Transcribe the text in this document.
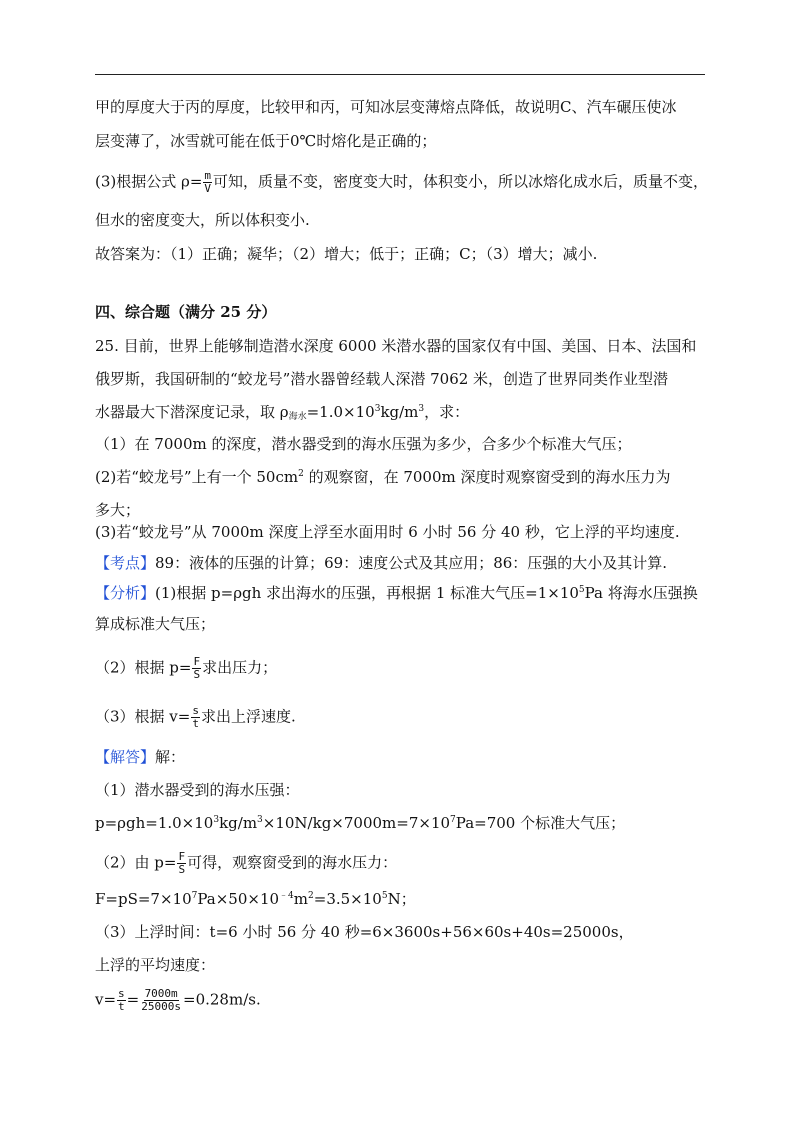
甲的厚度大于丙的厚度，比较甲和丙，可知冰层变薄熔点降低，故说明C、汽车碾压使冰
层变薄了，冰雪就可能在低于0℃时熔化是正确的；
(3)根据公式 $\rho= \frac{m}{V}$ 可知，质量不变，密度变大时，体积变小，所以冰熔化成水后，质量不变，
但水的密度变大，所以体积变小.
故答案为：（1）正确；凝华；（2）增大；低于；正确；C；（3）增大；减小.
四、综合题（满分 25 分）
25. 目前，世界上能够制造潜水深度 6000 米潜水器的国家仅有中国、美国、日本、法国和
俄罗斯，我国研制的“蛟龙号”潜水器曾经载人深潜 7062 米，创造了世界同类作业型潜
水器最大下潜深度记录，取 $\rho_{海水}=1.0\times 10^3kg/m^3$，求：
（1）在 7000m 的深度，潜水器受到的海水压强为多少，合多少个标准大气压；
(2)若“蛟龙号”上有一个 $50cm^2$ 的观察窗，在 7000m 深度时观察窗受到的海水压力为
多大；
(3)若“蛟龙号”从 7000m 深度上浮至水面用时 6 小时 56 分 40 秒，它上浮的平均速度.
【考点】89：液体的压强的计算；69：速度公式及其应用；86：压强的大小及其计算.
【分析】(1)根据 p=ρgh 求出海水的压强，再根据 1 标准大气压$=1\times 10^5Pa$ 将海水压强换
算成标准大气压；
（2）根据 $p= \frac{F}{S}$ 求出压力；
（3）根据 $v= \frac{s}{t}$ 求出上浮速度.
【解答】解：
（1）潜水器受到的海水压强：
$p=\rho gh=1.0\times 10^3kg/m^3\times 10N/kg\times 7000m=7\times 10^7Pa=700$ 个标准大气压；
（2）由 $p= \frac{F}{S}$ 可得，观察窗受到的海水压力：
$F=pS=7\times 10^7Pa\times 50\times 10^{﹣4}m^2=3.5\times 10^5N$；
（3）上浮时间：t=6 小时 56 分 40 秒=6×3600s+56×60s+40s=25000s，
上浮的平均速度：
$v= \frac{s}{t} = \frac{7000m}{25000s} =0.28m/s$.
